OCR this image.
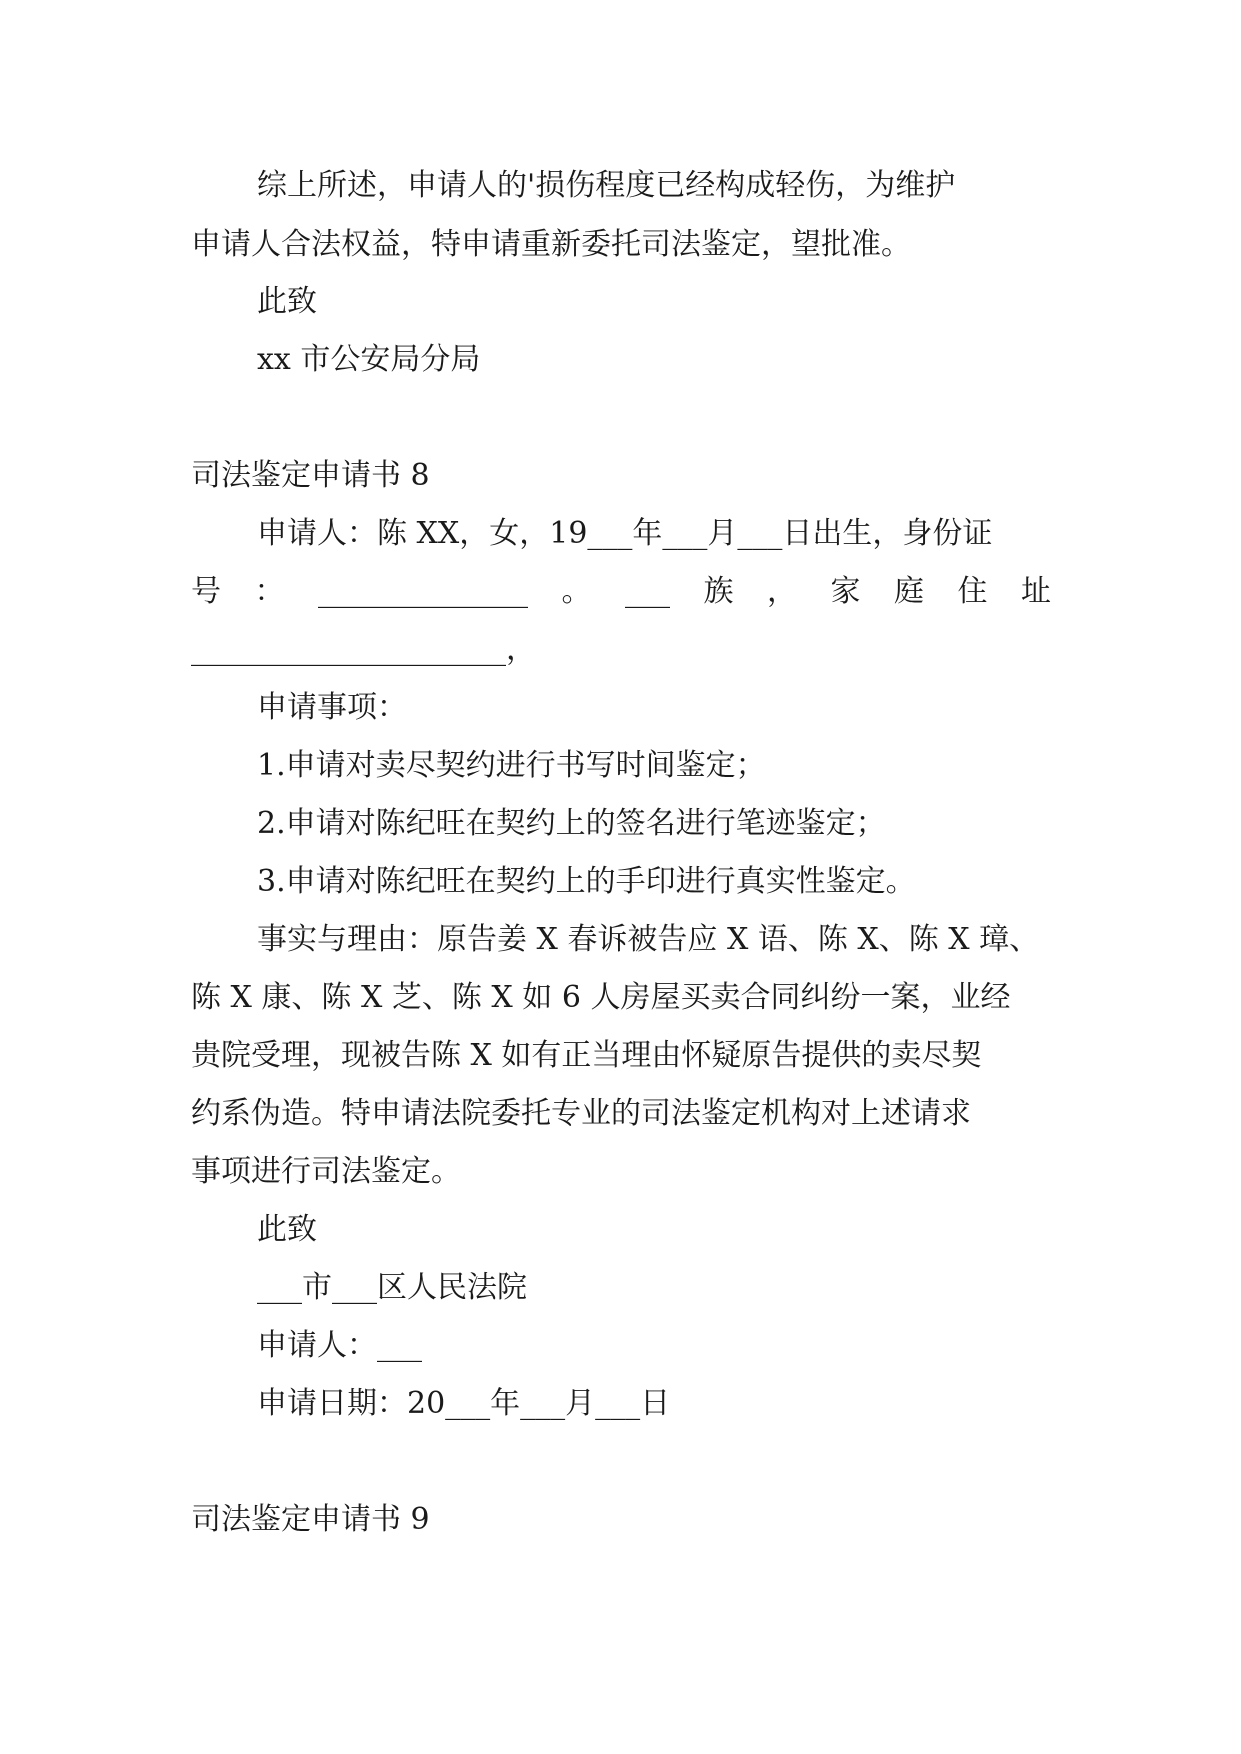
综上所述，申请人的'损伤程度已经构成轻伤，为维护
申请人合法权益，特申请重新委托司法鉴定，望批准。
此致
xx 市公安局分局
司法鉴定申请书 8
申请人：陈 XX，女，19___年___月___日出生，身份证
号 ： ______________ 。 ___ 族 ， 家 庭 住 址
_____________________，
申请事项：
1.申请对卖尽契约进行书写时间鉴定；
2.申请对陈纪旺在契约上的签名进行笔迹鉴定；
3.申请对陈纪旺在契约上的手印进行真实性鉴定。
事实与理由：原告姜 X 春诉被告应 X 语、陈 X、陈 X 璋、
陈 X 康、陈 X 芝、陈 X 如 6 人房屋买卖合同纠纷一案，业经
贵院受理，现被告陈 X 如有正当理由怀疑原告提供的卖尽契
约系伪造。特申请法院委托专业的司法鉴定机构对上述请求
事项进行司法鉴定。
此致
___市___区人民法院
申请人：___
申请日期：20___年___月___日
司法鉴定申请书 9
